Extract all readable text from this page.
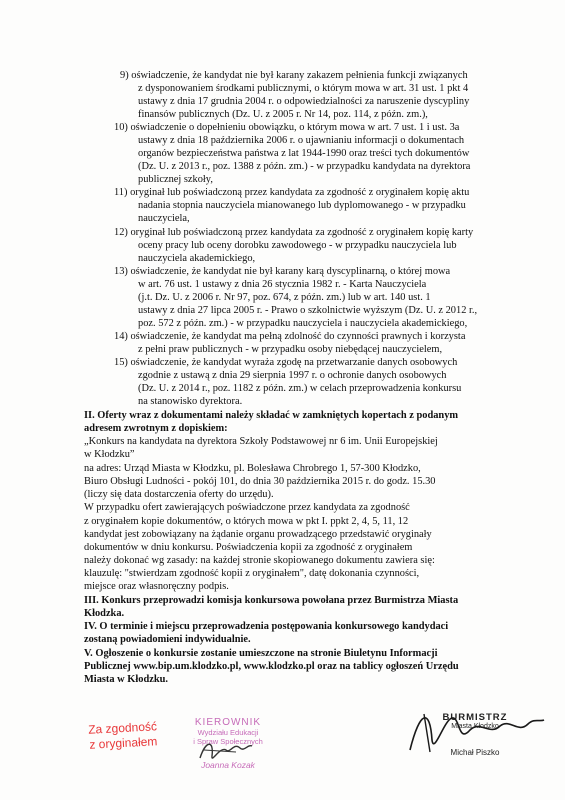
9) oświadczenie, że kandydat nie był karany zakazem pełnienia funkcji związanych
z dysponowaniem środkami publicznymi, o którym mowa w art. 31 ust. 1 pkt 4
ustawy z dnia 17 grudnia 2004 r. o odpowiedzialności za naruszenie dyscypliny
finansów publicznych (Dz. U. z 2005 r. Nr 14, poz. 114, z późn. zm.),
10) oświadczenie o dopełnieniu obowiązku, o którym mowa w art. 7 ust. 1 i ust. 3a
ustawy z dnia 18 października 2006 r. o ujawnianiu informacji o dokumentach
organów bezpieczeństwa państwa z lat 1944-1990 oraz treści tych dokumentów
(Dz. U. z 2013 r., poz. 1388 z późn. zm.) - w przypadku kandydata na dyrektora
publicznej szkoły,
11) oryginał lub poświadczoną przez kandydata za zgodność z oryginałem kopię aktu
nadania stopnia nauczyciela mianowanego lub dyplomowanego - w przypadku
nauczyciela,
12) oryginał lub poświadczoną przez kandydata za zgodność z oryginałem kopię karty
oceny pracy lub oceny dorobku zawodowego - w przypadku nauczyciela lub
nauczyciela akademickiego,
13) oświadczenie, że kandydat nie był karany karą dyscyplinarną, o której mowa
w art. 76 ust. 1 ustawy z dnia 26 stycznia 1982 r. - Karta Nauczyciela
(j.t. Dz. U. z 2006 r. Nr 97, poz. 674, z późn. zm.) lub w art. 140 ust. 1
ustawy z dnia 27 lipca 2005 r. - Prawo o szkolnictwie wyższym (Dz. U. z 2012 r.,
poz. 572 z późn. zm.) - w przypadku nauczyciela i nauczyciela akademickiego,
14) oświadczenie, że kandydat ma pełną zdolność do czynności prawnych i korzysta
z pełni praw publicznych - w przypadku osoby niebędącej nauczycielem,
15) oświadczenie, że kandydat wyraża zgodę na przetwarzanie danych osobowych
zgodnie z ustawą z dnia 29 sierpnia 1997 r. o ochronie danych osobowych
(Dz. U. z 2014 r., poz. 1182 z późn. zm.) w celach przeprowadzenia konkursu
na stanowisko dyrektora.
II. Oferty wraz z dokumentami należy składać w zamkniętych kopertach z podanym
adresem zwrotnym z dopiskiem:
„Konkurs na kandydata na dyrektora Szkoły Podstawowej nr 6 im. Unii Europejskiej
w Kłodzku”
na adres: Urząd Miasta w Kłodzku, pl. Bolesława Chrobrego 1, 57-300 Kłodzko,
Biuro Obsługi Ludności - pokój 101, do dnia 30 października 2015 r. do godz. 15.30
(liczy się data dostarczenia oferty do urzędu).
W przypadku ofert zawierających poświadczone przez kandydata za zgodność
z oryginałem kopie dokumentów, o których mowa w pkt I. ppkt 2, 4, 5, 11, 12
kandydat jest zobowiązany na żądanie organu prowadzącego przedstawić oryginały
dokumentów w dniu konkursu. Poświadczenia kopii za zgodność z oryginałem
należy dokonać wg zasady: na każdej stronie skopiowanego dokumentu zawiera się:
klauzulę: "stwierdzam zgodność kopii z oryginałem", datę dokonania czynności,
miejsce oraz własnoręczny podpis.
III. Konkurs przeprowadzi komisja konkursowa powołana przez Burmistrza Miasta
Kłodzka.
IV. O terminie i miejscu przeprowadzenia postępowania konkursowego kandydaci
zostaną powiadomieni indywidualnie.
V. Ogłoszenie o konkursie zostanie umieszczone na stronie Biuletynu Informacji
Publicznej www.bip.um.klodzko.pl, www.klodzko.pl oraz na tablicy ogłoszeń Urzędu
Miasta w Kłodzku.
Za zgodność
z oryginałem
KIEROWNIK
Wydziału Edukacji
i Spraw Społecznych
Joanna Kozak
BURMISTRZ
Miasta Kłodzko
Michał Piszko
